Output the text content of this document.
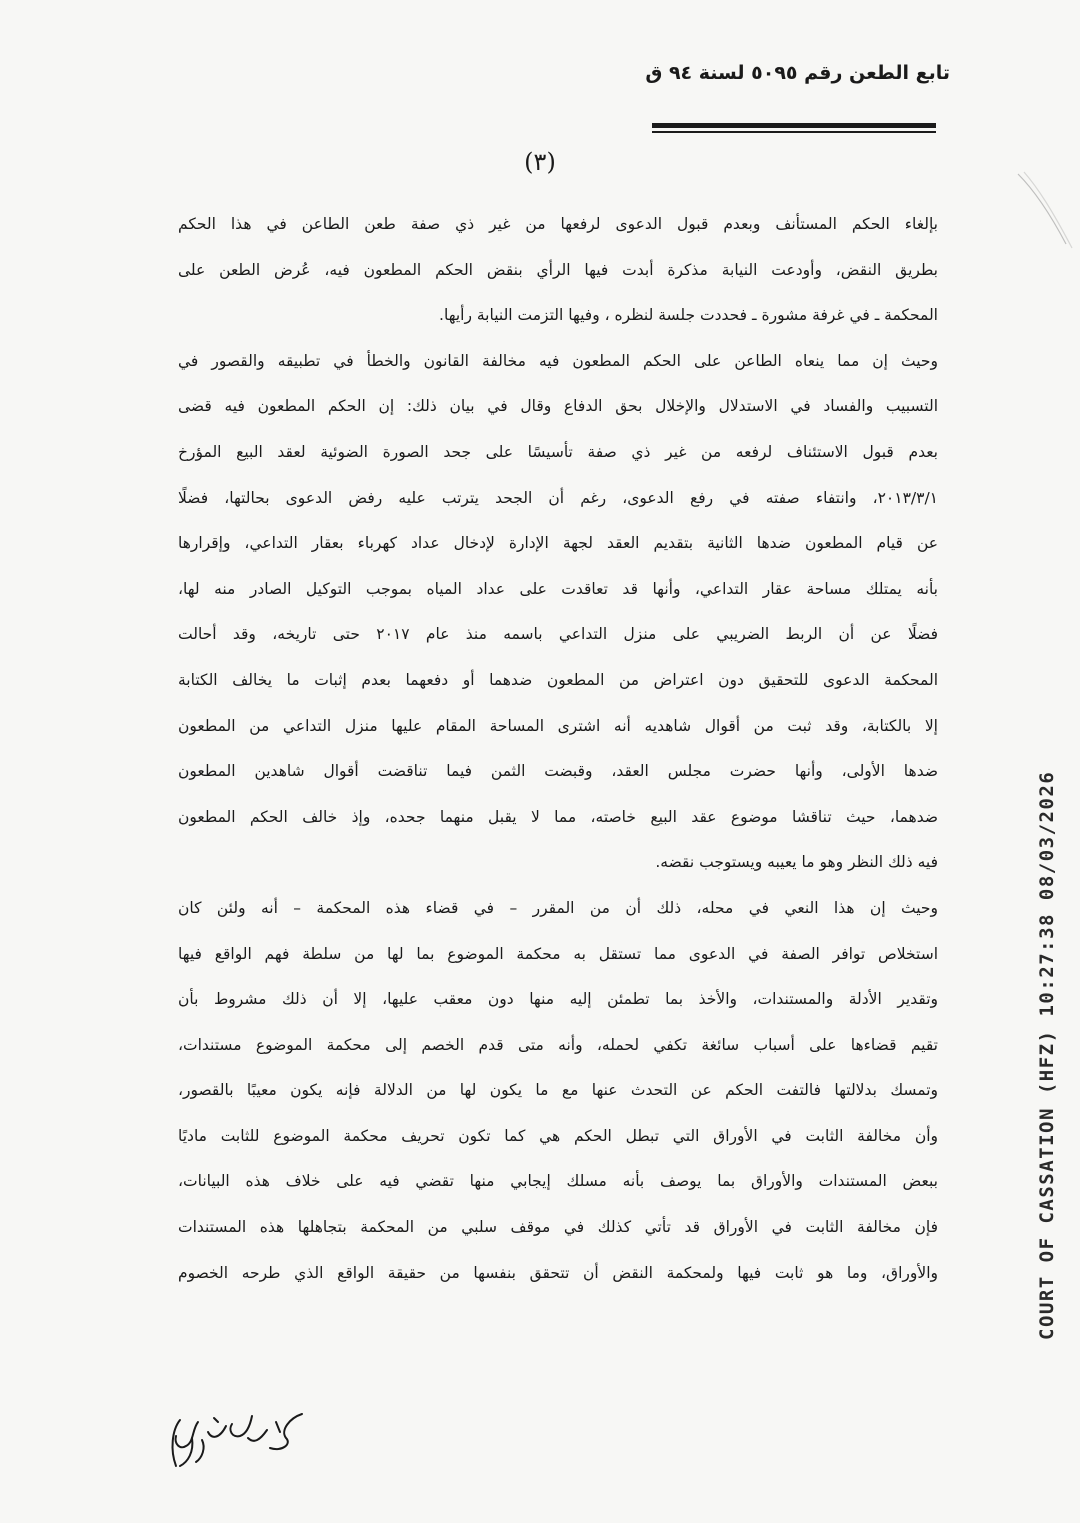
تابع الطعن رقم ٥٠٩٥ لسنة ٩٤ ق
(٣)
بإلغاء الحكم المستأنف وبعدم قبول الدعوى لرفعها من غير ذي صفة طعن الطاعن في هذا الحكم
بطريق النقض، وأودعت النيابة مذكرة أبدت فيها الرأي بنقض الحكم المطعون فيه، عُرض الطعن على
المحكمة ـ في غرفة مشورة ـ فحددت جلسة لنظره ، وفيها التزمت النيابة رأيها.
وحيث إن مما ينعاه الطاعن على الحكم المطعون فيه مخالفة القانون والخطأ في تطبيقه والقصور في
التسبيب والفساد في الاستدلال والإخلال بحق الدفاع وقال في بيان ذلك: إن الحكم المطعون فيه قضى
بعدم قبول الاستئناف لرفعه من غير ذي صفة تأسيسًا على جحد الصورة الضوئية لعقد البيع المؤرخ
٢٠١٣/٣/١، وانتفاء صفته في رفع الدعوى، رغم أن الجحد يترتب عليه رفض الدعوى بحالتها، فضلًا
عن قيام المطعون ضدها الثانية بتقديم العقد لجهة الإدارة لإدخال عداد كهرباء بعقار التداعي، وإقرارها
بأنه يمتلك مساحة عقار التداعي، وأنها قد تعاقدت على عداد المياه بموجب التوكيل الصادر منه لها،
فضلًا عن أن الربط الضريبي على منزل التداعي باسمه منذ عام ٢٠١٧ حتى تاريخه، وقد أحالت
المحكمة الدعوى للتحقيق دون اعتراض من المطعون ضدهما أو دفعهما بعدم إثبات ما يخالف الكتابة
إلا بالكتابة، وقد ثبت من أقوال شاهديه أنه اشترى المساحة المقام عليها منزل التداعي من المطعون
ضدها الأولى، وأنها حضرت مجلس العقد، وقبضت الثمن فيما تناقضت أقوال شاهدين المطعون
ضدهما، حيث تناقشا موضوع عقد البيع خاصته، مما لا يقبل منهما جحده، وإذ خالف الحكم المطعون
فيه ذلك النظر وهو ما يعيبه ويستوجب نقضه.
وحيث إن هذا النعي في محله، ذلك أن من المقرر – في قضاء هذه المحكمة – أنه ولئن كان
استخلاص توافر الصفة في الدعوى مما تستقل به محكمة الموضوع بما لها من سلطة فهم الواقع فيها
وتقدير الأدلة والمستندات، والأخذ بما تطمئن إليه منها دون معقب عليها، إلا أن ذلك مشروط بأن
تقيم قضاءها على أسباب سائغة تكفي لحمله، وأنه متى قدم الخصم إلى محكمة الموضوع مستندات،
وتمسك بدلالتها فالتفت الحكم عن التحدث عنها مع ما يكون لها من الدلالة فإنه يكون معيبًا بالقصور،
وأن مخالفة الثابت في الأوراق التي تبطل الحكم هي كما تكون تحريف محكمة الموضوع للثابت ماديًا
ببعض المستندات والأوراق بما يوصف بأنه مسلك إيجابي منها تقضي فيه على خلاف هذه البيانات،
فإن مخالفة الثابت في الأوراق قد تأتي كذلك في موقف سلبي من المحكمة بتجاهلها هذه المستندات
والأوراق، وما هو ثابت فيها ولمحكمة النقض أن تتحقق بنفسها من حقيقة الواقع الذي طرحه الخصوم	COURT OF CASSATION (HFZ) 10:27:38 08/03/2026
